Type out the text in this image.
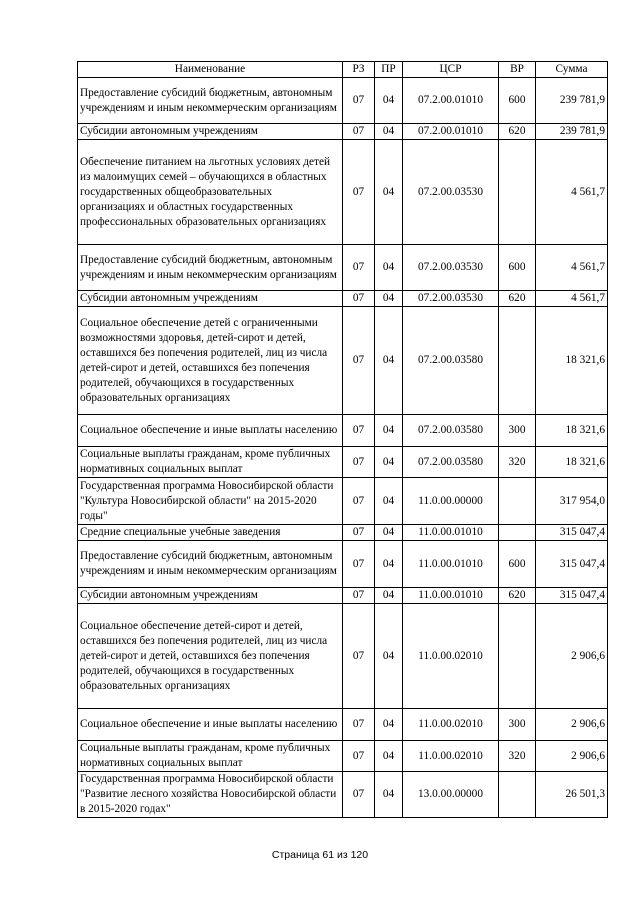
Наименование	РЗ	ПР	ЦСР	ВР	Сумма
Предоставление субсидий бюджетным, автономным учреждениям и иным некоммерческим организациям	07	04	07.2.00.01010	600	239 781,9
Субсидии автономным учреждениям	07	04	07.2.00.01010	620	239 781,9
Обеспечение питанием на льготных условиях детей из малоимущих семей – обучающихся в областных государственных общеобразовательных организациях и областных государственных профессиональных образовательных организациях	07	04	07.2.00.03530		4 561,7
Предоставление субсидий бюджетным, автономным учреждениям и иным некоммерческим организациям	07	04	07.2.00.03530	600	4 561,7
Субсидии автономным учреждениям	07	04	07.2.00.03530	620	4 561,7
Социальное обеспечение детей с ограниченными возможностями здоровья, детей-сирот и детей, оставшихся без попечения родителей, лиц из числа детей-сирот и детей, оставшихся без попечения родителей, обучающихся в государственных образовательных организациях	07	04	07.2.00.03580		18 321,6
Социальное обеспечение и иные выплаты населению	07	04	07.2.00.03580	300	18 321,6
Социальные выплаты гражданам, кроме публичных нормативных социальных выплат	07	04	07.2.00.03580	320	18 321,6
Государственная программа Новосибирской области "Культура Новосибирской области" на 2015-2020 годы"	07	04	11.0.00.00000		317 954,0
Средние специальные учебные заведения	07	04	11.0.00.01010		315 047,4
Предоставление субсидий бюджетным, автономным учреждениям и иным некоммерческим организациям	07	04	11.0.00.01010	600	315 047,4
Субсидии автономным учреждениям	07	04	11.0.00.01010	620	315 047,4
Социальное обеспечение детей-сирот и детей, оставшихся без попечения родителей, лиц из числа детей-сирот и детей, оставшихся без попечения родителей, обучающихся в государственных образовательных организациях	07	04	11.0.00.02010		2 906,6
Социальное обеспечение и иные выплаты населению	07	04	11.0.00.02010	300	2 906,6
Социальные выплаты гражданам, кроме публичных нормативных социальных выплат	07	04	11.0.00.02010	320	2 906,6
Государственная программа Новосибирской области "Развитие лесного хозяйства Новосибирской области в 2015-2020 годах"	07	04	13.0.00.00000		26 501,3
Страница 61 из 120
